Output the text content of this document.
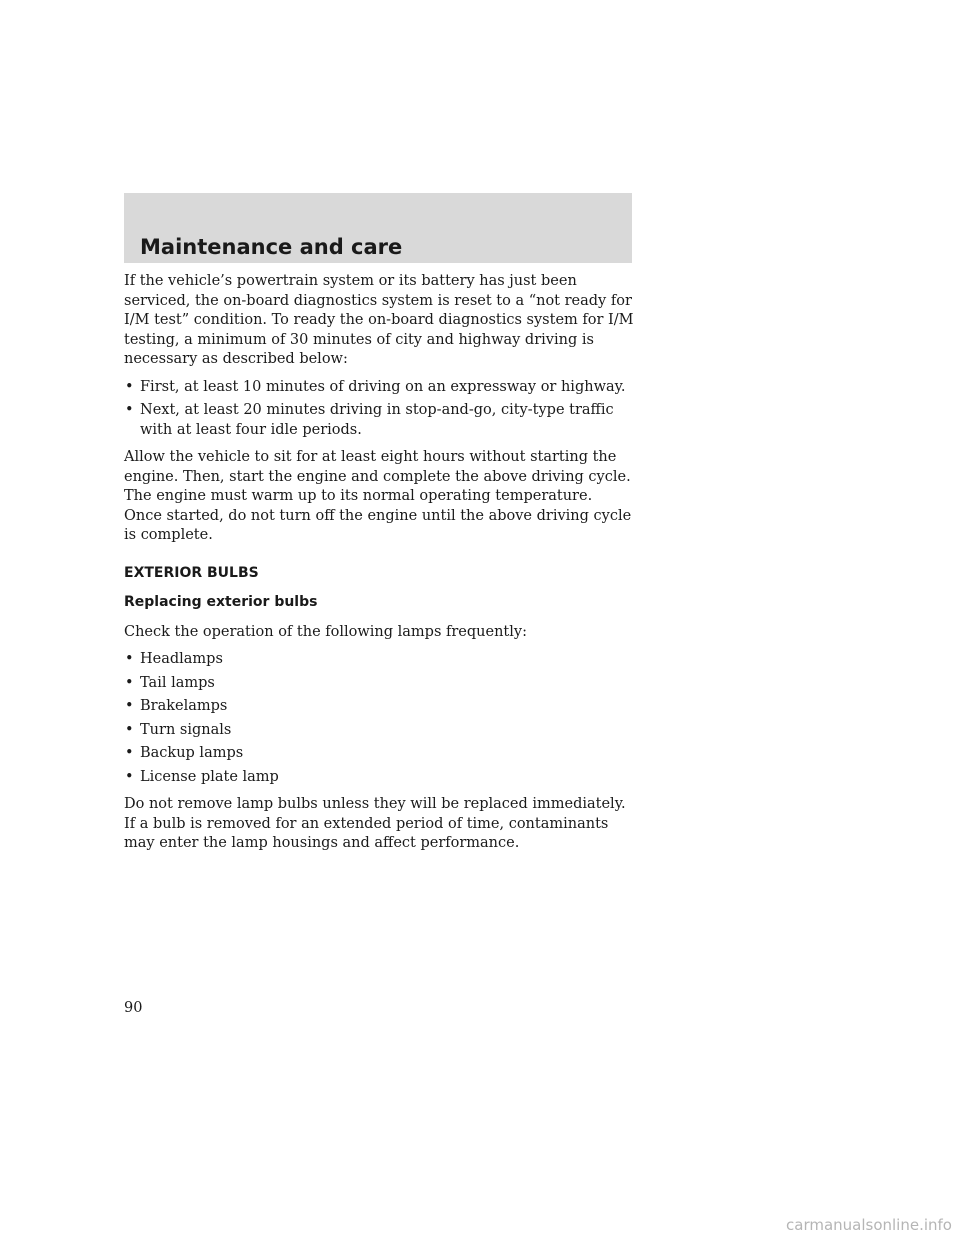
Maintenance and care

If the vehicle’s powertrain system or its battery has just been serviced, the on-board diagnostics system is reset to a “not ready for I/M test” condition. To ready the on-board diagnostics system for I/M testing, a minimum of 30 minutes of city and highway driving is necessary as described below:

• First, at least 10 minutes of driving on an expressway or highway.
• Next, at least 20 minutes driving in stop-and-go, city-type traffic with at least four idle periods.

Allow the vehicle to sit for at least eight hours without starting the engine. Then, start the engine and complete the above driving cycle. The engine must warm up to its normal operating temperature. Once started, do not turn off the engine until the above driving cycle is complete.

EXTERIOR BULBS
Replacing exterior bulbs

Check the operation of the following lamps frequently:

• Headlamps
• Tail lamps
• Brakelamps
• Turn signals
• Backup lamps
• License plate lamp

Do not remove lamp bulbs unless they will be replaced immediately. If a bulb is removed for an extended period of time, contaminants may enter the lamp housings and affect performance.

90
carmanualsonline.info
